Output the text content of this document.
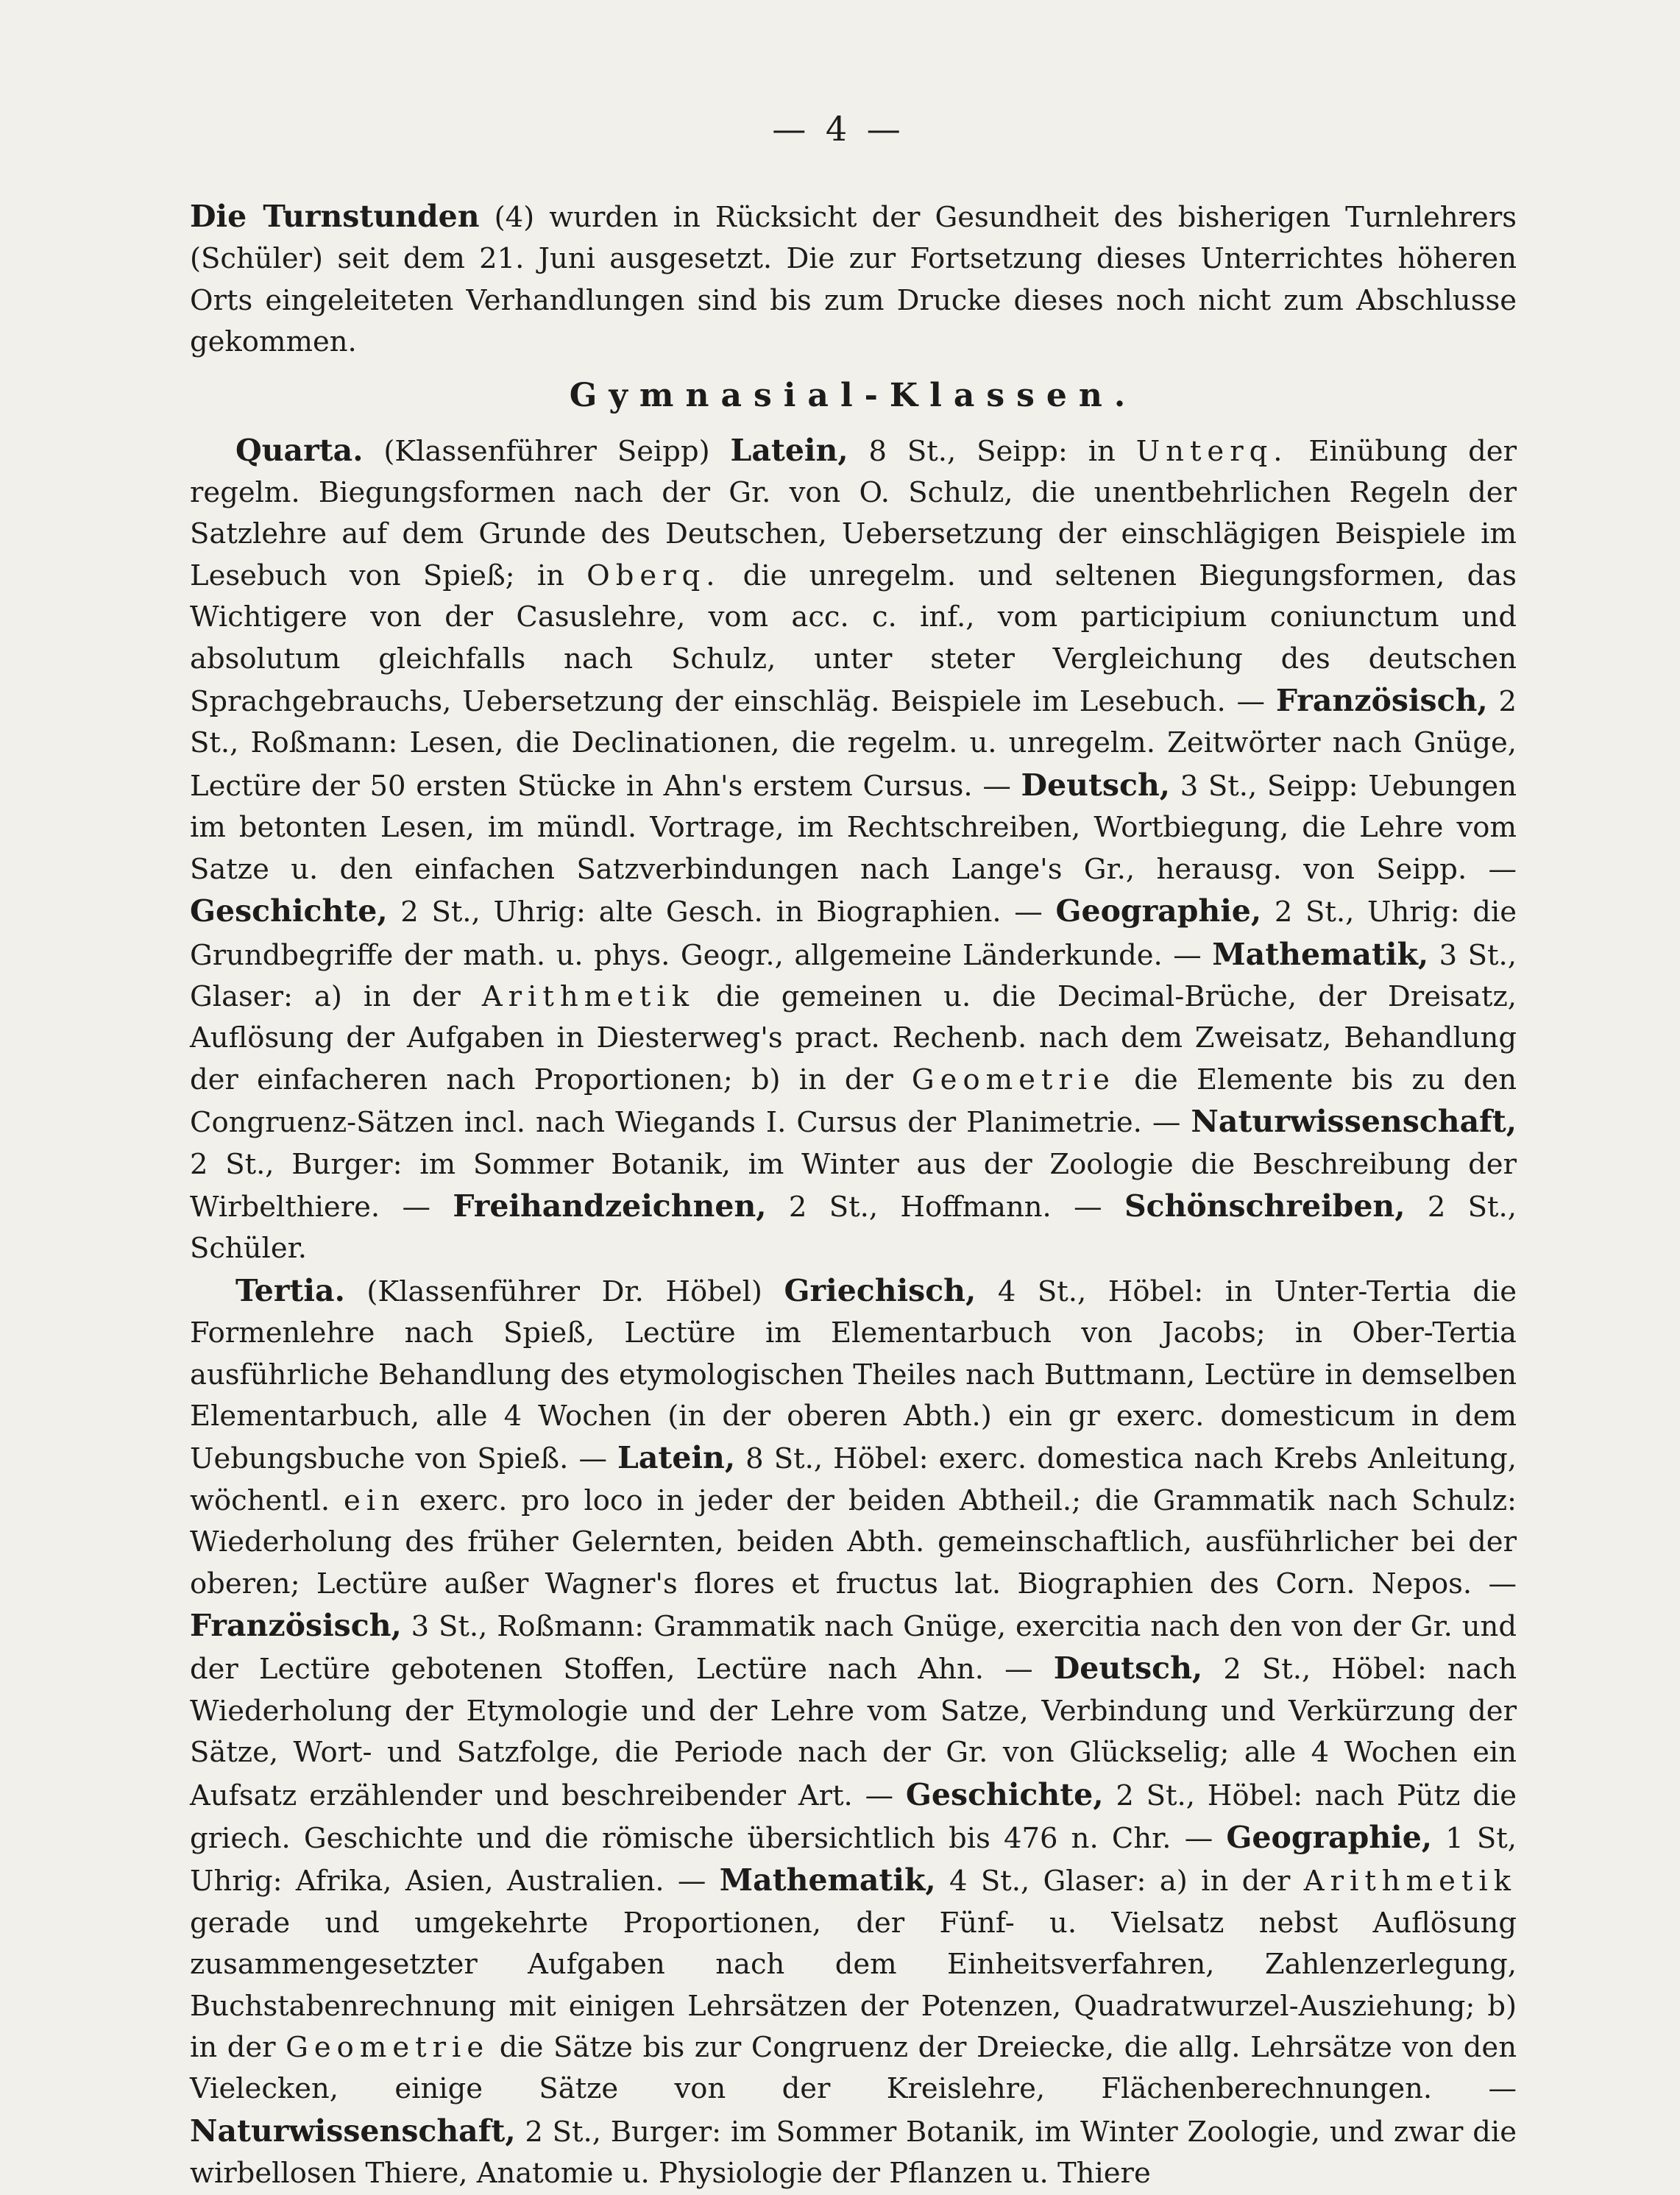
— 4 —

Die Turnstunden (4) wurden in Rücksicht der Gesundheit des bisherigen Turnlehrers (Schüler) seit dem 21. Juni ausgesetzt. Die zur Fortsetzung dieses Unterrichtes höheren Orts eingeleiteten Verhandlungen sind bis zum Drucke dieses noch nicht zum Abschlusse gekommen.

Gymnasial-Klassen.

Quarta. (Klassenführer Seipp) Latein, 8 St., Seipp: in Unterq. Einübung der regelm. Biegungsformen nach der Gr. von O. Schulz, die unentbehrlichen Regeln der Satzlehre auf dem Grunde des Deutschen, Uebersetzung der einschlägigen Beispiele im Lesebuch von Spieß; in Oberq. die unregelm. und seltenen Biegungsformen, das Wichtigere von der Casuslehre, vom acc. c. inf., vom participium coniunctum und absolutum gleichfalls nach Schulz, unter steter Vergleichung des deutschen Sprachgebrauchs, Uebersetzung der einschläg. Beispiele im Lesebuch. — Französisch, 2 St., Roßmann: Lesen, die Declinationen, die regelm. u. unregelm. Zeitwörter nach Gnüge, Lectüre der 50 ersten Stücke in Ahn's erstem Cursus. — Deutsch, 3 St., Seipp: Uebungen im betonten Lesen, im mündl. Vortrage, im Rechtschreiben, Wortbiegung, die Lehre vom Satze u. den einfachen Satzverbindungen nach Lange's Gr., herausg. von Seipp. — Geschichte, 2 St., Uhrig: alte Gesch. in Biographien. — Geographie, 2 St., Uhrig: die Grundbegriffe der math. u. phys. Geogr., allgemeine Länderkunde. — Mathematik, 3 St., Glaser: a) in der Arithmetik die gemeinen u. die Decimal-Brüche, der Dreisatz, Auflösung der Aufgaben in Diesterweg's pract. Rechenb. nach dem Zweisatz, Behandlung der einfacheren nach Proportionen; b) in der Geometrie die Elemente bis zu den Congruenz-Sätzen incl. nach Wiegands I. Cursus der Planimetrie. — Naturwissenschaft, 2 St., Burger: im Sommer Botanik, im Winter aus der Zoologie die Beschreibung der Wirbelthiere. — Freihandzeichnen, 2 St., Hoffmann. — Schönschreiben, 2 St., Schüler.

Tertia. (Klassenführer Dr. Höbel) Griechisch, 4 St., Höbel: in Unter-Tertia die Formenlehre nach Spieß, Lectüre im Elementarbuch von Jacobs; in Ober-Tertia ausführliche Behandlung des etymologischen Theiles nach Buttmann, Lectüre in demselben Elementarbuch, alle 4 Wochen (in der oberen Abth.) ein gr exerc. domesticum in dem Uebungsbuche von Spieß. — Latein, 8 St., Höbel: exerc. domestica nach Krebs Anleitung, wöchentl. ein exerc. pro loco in jeder der beiden Abtheil.; die Grammatik nach Schulz: Wiederholung des früher Gelernten, beiden Abth. gemeinschaftlich, ausführlicher bei der oberen; Lectüre außer Wagner's flores et fructus lat. Biographien des Corn. Nepos. — Französisch, 3 St., Roßmann: Grammatik nach Gnüge, exercitia nach den von der Gr. und der Lectüre gebotenen Stoffen, Lectüre nach Ahn. — Deutsch, 2 St., Höbel: nach Wiederholung der Etymologie und der Lehre vom Satze, Verbindung und Verkürzung der Sätze, Wort- und Satzfolge, die Periode nach der Gr. von Glückselig; alle 4 Wochen ein Aufsatz erzählender und beschreibender Art. — Geschichte, 2 St., Höbel: nach Pütz die griech. Geschichte und die römische übersichtlich bis 476 n. Chr. — Geographie, 1 St, Uhrig: Afrika, Asien, Australien. — Mathematik, 4 St., Glaser: a) in der Arithmetik gerade und umgekehrte Proportionen, der Fünf- u. Vielsatz nebst Auflösung zusammengesetzter Aufgaben nach dem Einheitsverfahren, Zahlenzerlegung, Buchstabenrechnung mit einigen Lehrsätzen der Potenzen, Quadratwurzel-Ausziehung; b) in der Geometrie die Sätze bis zur Congruenz der Dreiecke, die allg. Lehrsätze von den Vielecken, einige Sätze von der Kreislehre, Flächenberechnungen. — Naturwissenschaft, 2 St., Burger: im Sommer Botanik, im Winter Zoologie, und zwar die wirbellosen Thiere, Anatomie u. Physiologie der Pflanzen u. Thiere
